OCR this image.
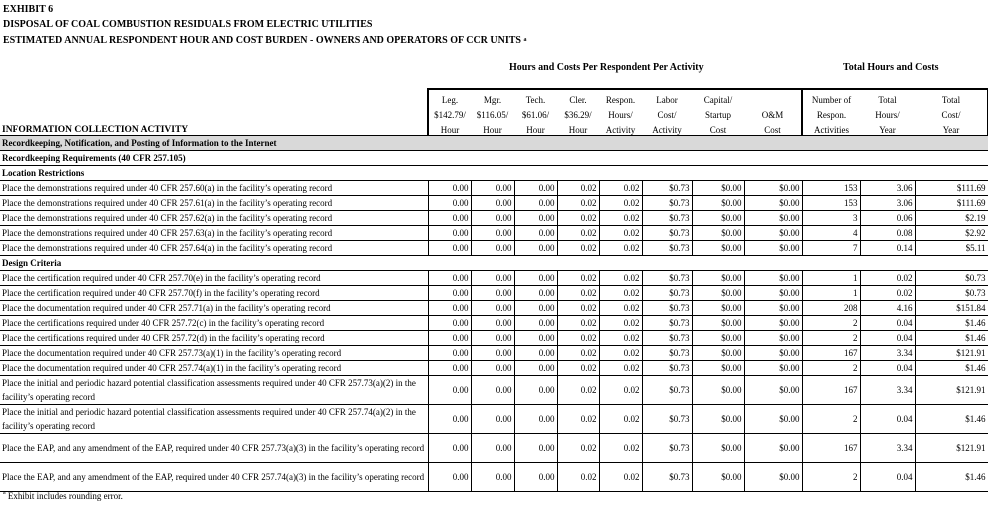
EXHIBIT 6
DISPOSAL OF COAL COMBUSTION RESIDUALS FROM ELECTRIC UTILITIES
ESTIMATED ANNUAL RESPONDENT HOUR AND COST BURDEN - OWNERS AND OPERATORS OF CCR UNITS $^a$
Hours and Costs Per Respondent Per Activity	Total Hours and Costs
	Leg.	Mgr.	Tech.	Cler.	Respon.	Labor	Capital/		Number of	Total	Total
	$142.79/	$116.05/	$61.06/	$36.29/	Hours/	Cost/	Startup	O&M	Respon.	Hours/	Cost/
INFORMATION COLLECTION ACTIVITY	Hour	Hour	Hour	Hour	Activity	Activity	Cost	Cost	Activities	Year	Year
Recordkeeping, Notification, and Posting of Information to the Internet											
Recordkeeping Requirements (40 CFR 257.105)											
Location Restrictions											
Place the demonstrations required under 40 CFR 257.60(a) in the facility’s operating record	0.00	0.00	0.00	0.02	0.02	$0.73	$0.00	$0.00	153	3.06	$111.69
Place the demonstrations required under 40 CFR 257.61(a) in the facility’s operating record	0.00	0.00	0.00	0.02	0.02	$0.73	$0.00	$0.00	153	3.06	$111.69
Place the demonstrations required under 40 CFR 257.62(a) in the facility’s operating record	0.00	0.00	0.00	0.02	0.02	$0.73	$0.00	$0.00	3	0.06	$2.19
Place the demonstrations required under 40 CFR 257.63(a) in the facility’s operating record	0.00	0.00	0.00	0.02	0.02	$0.73	$0.00	$0.00	4	0.08	$2.92
Place the demonstrations required under 40 CFR 257.64(a) in the facility’s operating record	0.00	0.00	0.00	0.02	0.02	$0.73	$0.00	$0.00	7	0.14	$5.11
Design Criteria											
Place the certification required under 40 CFR 257.70(e) in the facility’s operating record	0.00	0.00	0.00	0.02	0.02	$0.73	$0.00	$0.00	1	0.02	$0.73
Place the certification required under 40 CFR 257.70(f) in the facility’s operating record	0.00	0.00	0.00	0.02	0.02	$0.73	$0.00	$0.00	1	0.02	$0.73
Place the documentation required under 40 CFR 257.71(a) in the facility’s operating record	0.00	0.00	0.00	0.02	0.02	$0.73	$0.00	$0.00	208	4.16	$151.84
Place the certifications required under 40 CFR 257.72(c) in the facility’s operating record	0.00	0.00	0.00	0.02	0.02	$0.73	$0.00	$0.00	2	0.04	$1.46
Place the certifications required under 40 CFR 257.72(d) in the facility’s operating record	0.00	0.00	0.00	0.02	0.02	$0.73	$0.00	$0.00	2	0.04	$1.46
Place the documentation required under 40 CFR 257.73(a)(1) in the facility’s operating record	0.00	0.00	0.00	0.02	0.02	$0.73	$0.00	$0.00	167	3.34	$121.91
Place the documentation required under 40 CFR 257.74(a)(1) in the facility’s operating record	0.00	0.00	0.00	0.02	0.02	$0.73	$0.00	$0.00	2	0.04	$1.46
Place the initial and periodic hazard potential classification assessments required under 40 CFR 257.73(a)(2) in the facility’s operating record	0.00	0.00	0.00	0.02	0.02	$0.73	$0.00	$0.00	167	3.34	$121.91
Place the initial and periodic hazard potential classification assessments required under 40 CFR 257.74(a)(2) in the facility’s operating record	0.00	0.00	0.00	0.02	0.02	$0.73	$0.00	$0.00	2	0.04	$1.46
Place the EAP, and any amendment of the EAP, required under 40 CFR 257.73(a)(3) in the facility’s operating record	0.00	0.00	0.00	0.02	0.02	$0.73	$0.00	$0.00	167	3.34	$121.91
Place the EAP, and any amendment of the EAP, required under 40 CFR 257.74(a)(3) in the facility’s operating record	0.00	0.00	0.00	0.02	0.02	$0.73	$0.00	$0.00	2	0.04	$1.46
$^a$ Exhibit includes rounding error.
